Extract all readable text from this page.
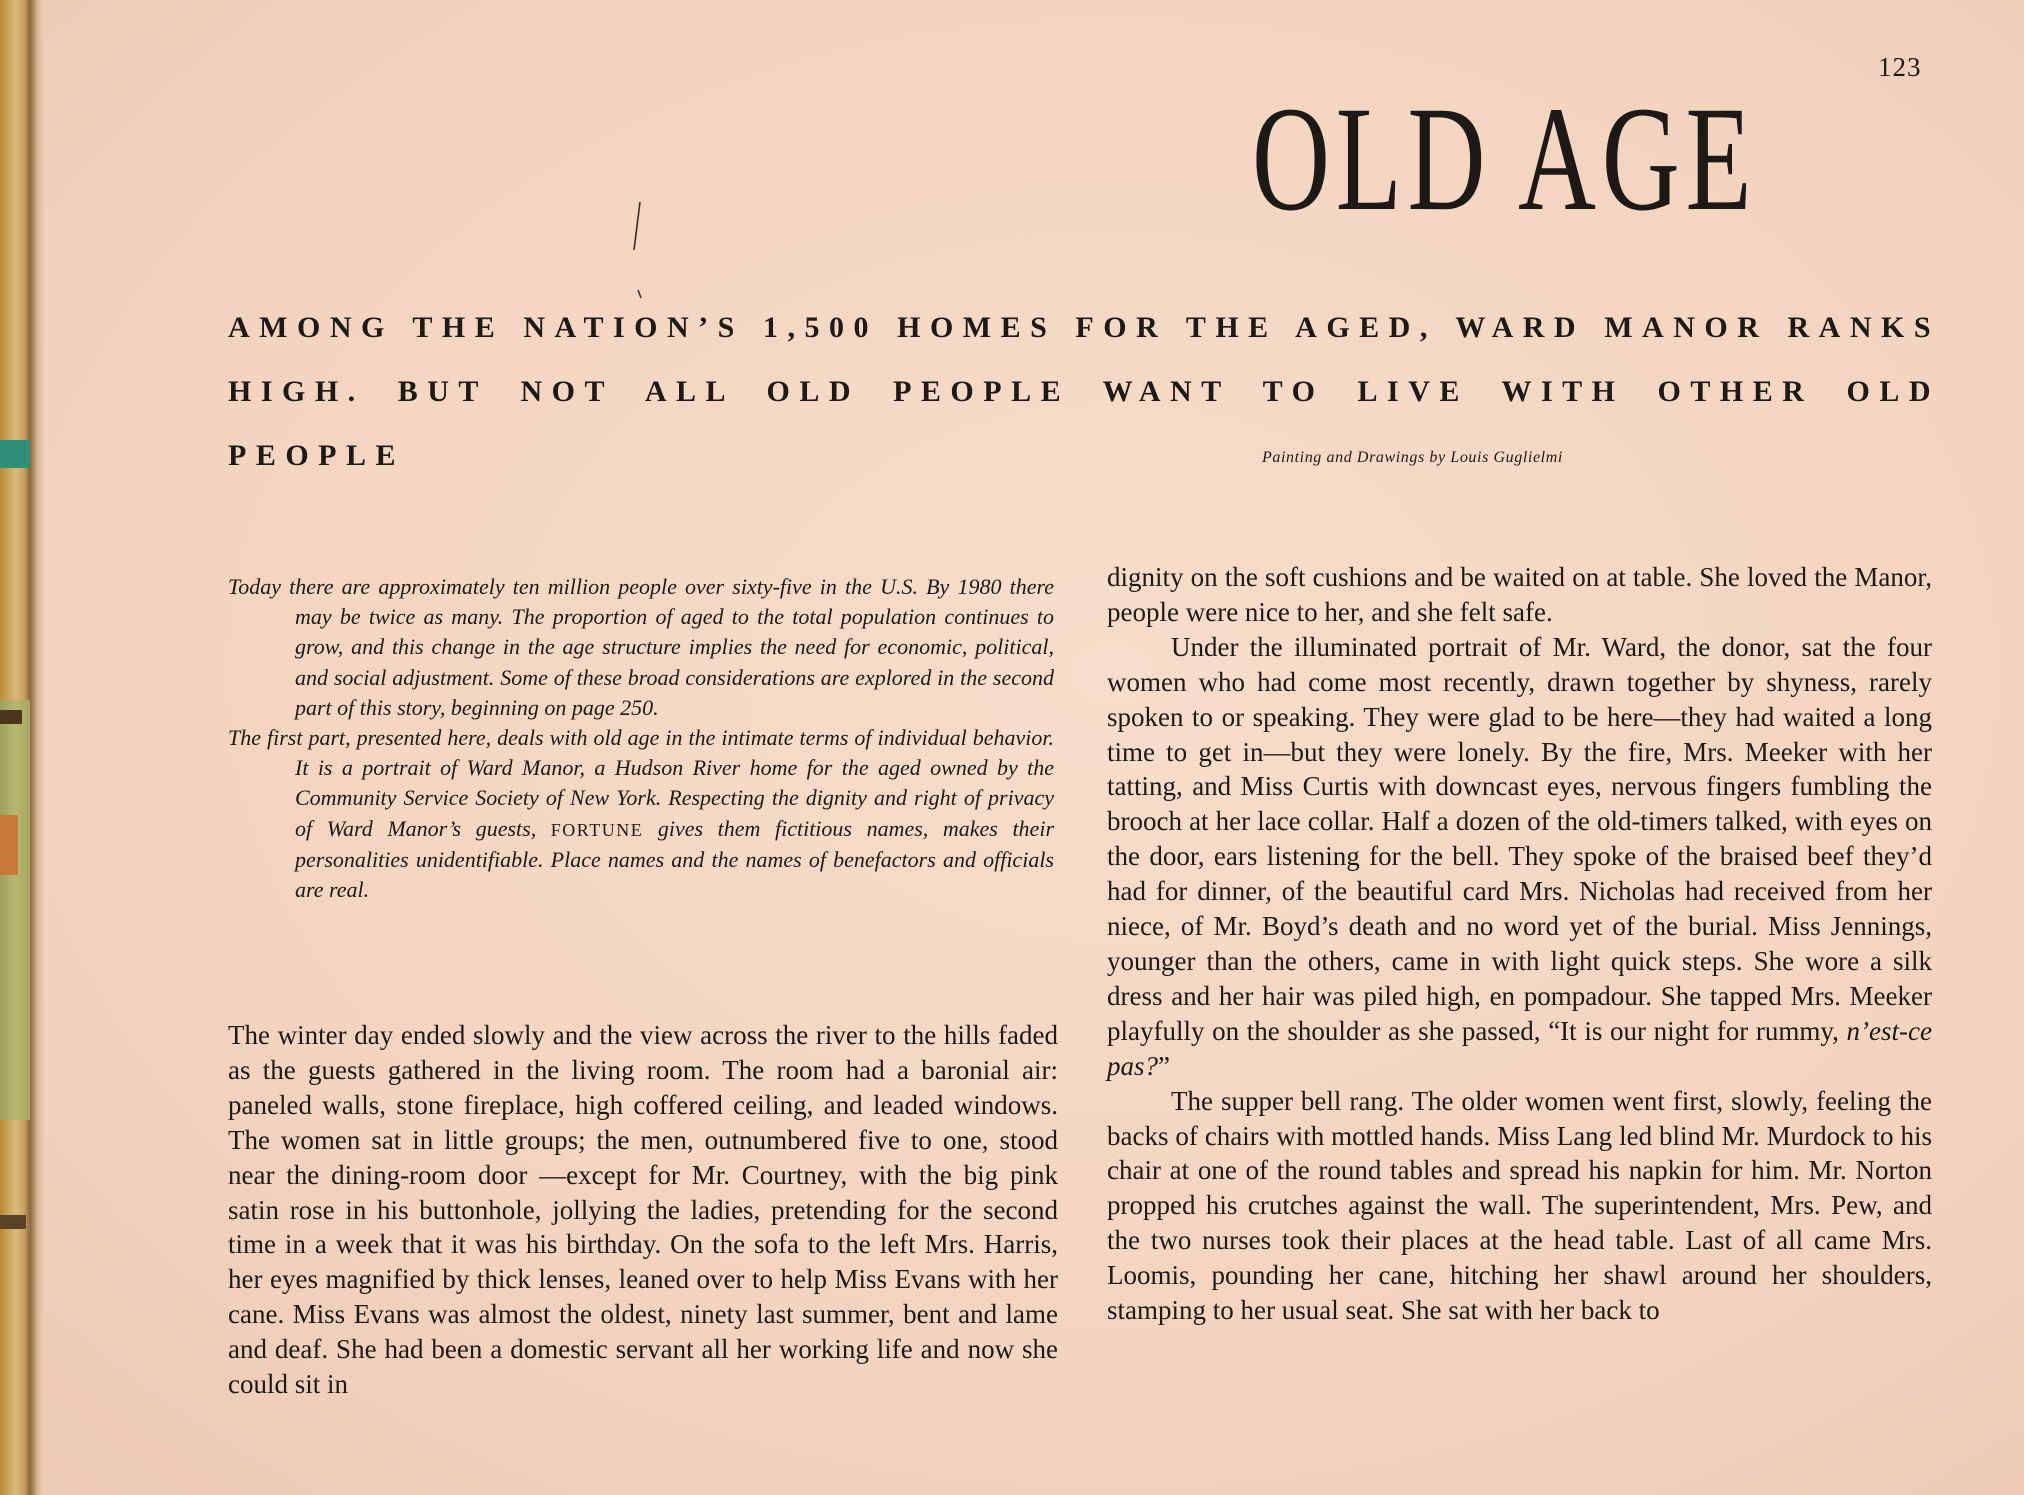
123
OLD AGE

AMONG THE NATION’S 1,500 HOMES FOR THE AGED, WARD MANOR RANKS HIGH. BUT NOT ALL OLD PEOPLE WANT TO LIVE WITH OTHER OLD PEOPLE	Painting and Drawings by Louis Guglielmi

Today there are approximately ten million people over sixty-five in the U.S. By 1980 there may be twice as many. The proportion of aged to the total population continues to grow, and this change in the age structure implies the need for economic, political, and social adjustment. Some of these broad considerations are explored in the second part of this story, beginning on page 250.

The first part, presented here, deals with old age in the intimate terms of individual behavior. It is a portrait of Ward Manor, a Hudson River home for the aged owned by the Community Service Society of New York. Respecting the dignity and right of privacy of Ward Manor’s guests, FORTUNE gives them fictitious names, makes their personalities unidentifiable. Place names and the names of benefactors and officials are real.

The winter day ended slowly and the view across the river to the hills faded as the guests gathered in the living room. The room had a baronial air: paneled walls, stone fireplace, high coffered ceiling, and leaded windows. The women sat in little groups; the men, outnumbered five to one, stood near the dining-room door —except for Mr. Courtney, with the big pink satin rose in his buttonhole, jollying the ladies, pretending for the second time in a week that it was his birthday. On the sofa to the left Mrs. Harris, her eyes magnified by thick lenses, leaned over to help Miss Evans with her cane. Miss Evans was almost the oldest, ninety last summer, bent and lame and deaf. She had been a domestic servant all her working life and now she could sit in

dignity on the soft cushions and be waited on at table. She loved the Manor, people were nice to her, and she felt safe.

Under the illuminated portrait of Mr. Ward, the donor, sat the four women who had come most recently, drawn together by shyness, rarely spoken to or speaking. They were glad to be here—they had waited a long time to get in—but they were lonely. By the fire, Mrs. Meeker with her tatting, and Miss Curtis with downcast eyes, nervous fingers fumbling the brooch at her lace collar. Half a dozen of the old-timers talked, with eyes on the door, ears listening for the bell. They spoke of the braised beef they’d had for dinner, of the beautiful card Mrs. Nicholas had received from her niece, of Mr. Boyd’s death and no word yet of the burial. Miss Jennings, younger than the others, came in with light quick steps. She wore a silk dress and her hair was piled high, en pompadour. She tapped Mrs. Meeker playfully on the shoulder as she passed, “It is our night for rummy, n’est-ce pas?”

The supper bell rang. The older women went first, slowly, feeling the backs of chairs with mottled hands. Miss Lang led blind Mr. Murdock to his chair at one of the round tables and spread his napkin for him. Mr. Norton propped his crutches against the wall. The superintendent, Mrs. Pew, and the two nurses took their places at the head table. Last of all came Mrs. Loomis, pounding her cane, hitching her shawl around her shoulders, stamping to her usual seat. She sat with her back to
